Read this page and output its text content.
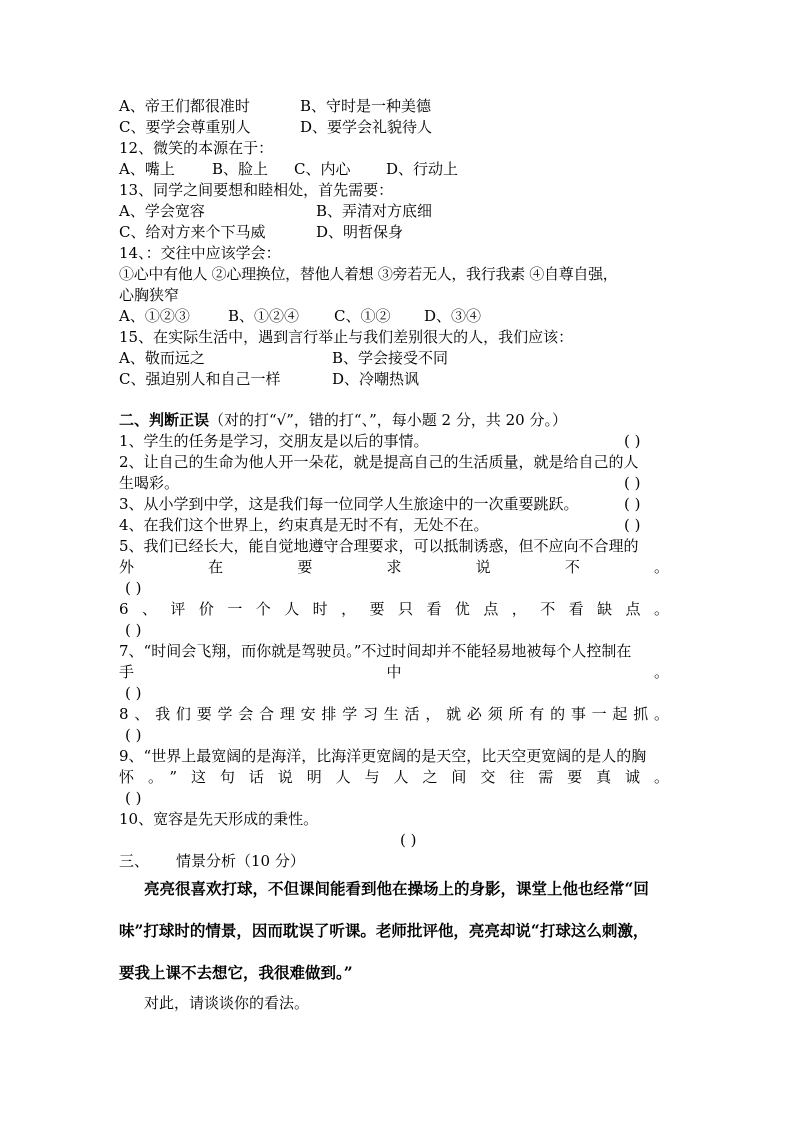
A、帝王们都很准时	B、守时是一种美德
C、要学会尊重别人	D、要学会礼貌待人
12、微笑的本源在于：
A、嘴上 B、脸上 C、内心 D、行动上
13、同学之间要想和睦相处，首先需要：
A、学会宽容	B、弄清对方底细
C、给对方来个下马威	D、明哲保身
14、：交往中应该学会：
①心中有他人 ②心理换位，替他人着想 ③旁若无人，我行我素 ④自尊自强，
心胸狭窄
A、①②③	B、①②④ C、①② D、③④
15、在实际生活中，遇到言行举止与我们差别很大的人，我们应该：
A、敬而远之	B、学会接受不同
C、强迫别人和自己一样	D、冷嘲热讽
二、判断正误（对的打“√”，错的打“、”，每小题 2 分，共 20 分。）
1、学生的任务是学习，交朋友是以后的事情。	( )
2、让自己的生命为他人开一朵花，就是提高自己的生活质量，就是给自己的人
生喝彩。	( )
3、从小学到中学，这是我们每一位同学人生旅途中的一次重要跳跃。	( )
4、在我们这个世界上，约束真是无时不有，无处不在。	( )
5、我们已经长大，能自觉地遵守合理要求，可以抵制诱惑，但不应向不合理的
外在要求说不。
( )
6、评价一个人时，要只看优点，不看缺点。
( )
7、“时间会飞翔，而你就是驾驶员。”不过时间却并不能轻易地被每个人控制在
手中。
( )
8、我们要学会合理安排学习生活，就必须所有的事一起抓。
( )
9、“世界上最宽阔的是海洋，比海洋更宽阔的是天空，比天空更宽阔的是人的胸
怀。”这句话说明人与人之间交往需要真诚。
( )
10、宽容是先天形成的秉性。
( )
三、 情景分析（10 分）
亮亮很喜欢打球，不但课间能看到他在操场上的身影，课堂上他也经常“回
味”打球时的情景，因而耽误了听课。老师批评他，亮亮却说“打球这么刺激，
要我上课不去想它，我很难做到。”
对此，请谈谈你的看法。
